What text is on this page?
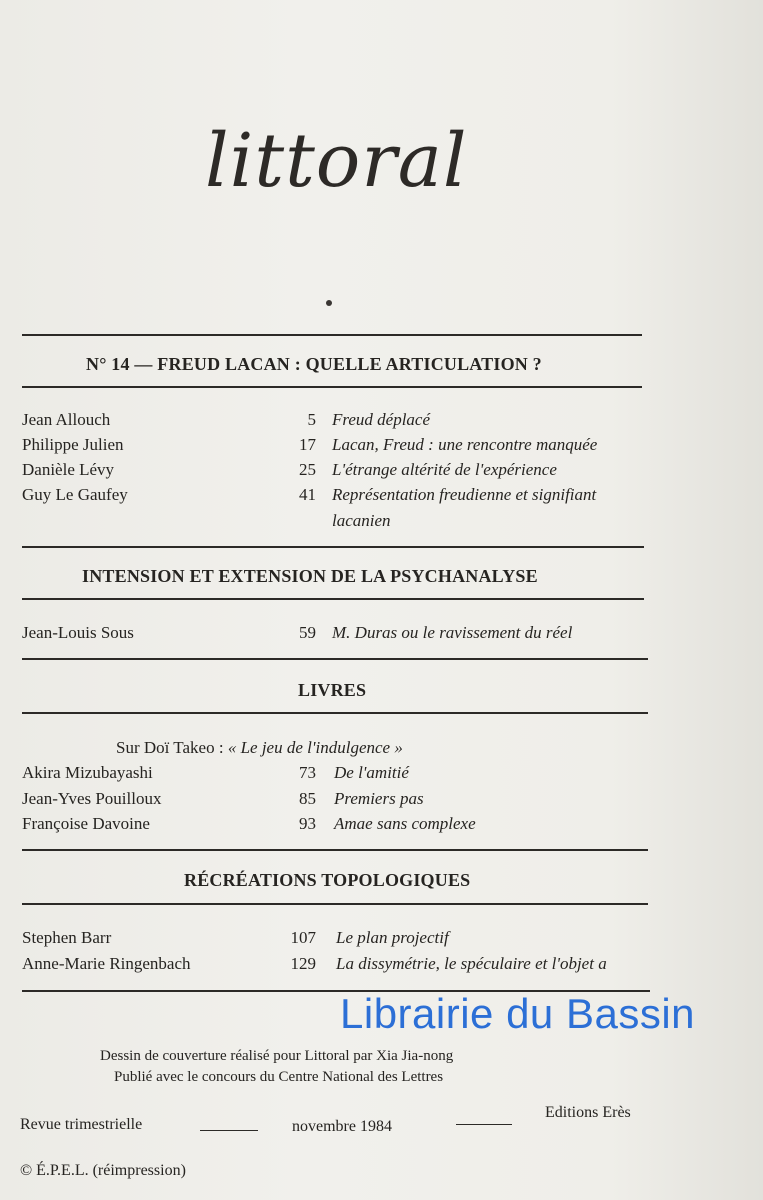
littoral
N° 14 — FREUD LACAN : QUELLE ARTICULATION ?
Jean Allouch	5 Freud déplacé
Philippe Julien	17 Lacan, Freud : une rencontre manquée
Danièle Lévy	25 L'étrange altérité de l'expérience
Guy Le Gaufey	41 Représentation freudienne et signifiant
lacanien
INTENSION ET EXTENSION DE LA PSYCHANALYSE
Jean-Louis Sous	59 M. Duras ou le ravissement du réel
LIVRES
Sur Doï Takeo : « Le jeu de l'indulgence »
Akira Mizubayashi	73 De l'amitié
Jean-Yves Pouilloux	85 Premiers pas
Françoise Davoine	93 Amae sans complexe
RÉCRÉATIONS TOPOLOGIQUES
Stephen Barr	107 Le plan projectif
Anne-Marie Ringenbach	129 La dissymétrie, le spéculaire et l'objet a
Librairie du Bassin
Dessin de couverture réalisé pour Littoral par Xia Jia-nong
Publié avec le concours du Centre National des Lettres
Revue trimestrielle	novembre 1984
Editions Erès
© É.P.E.L. (réimpression)
